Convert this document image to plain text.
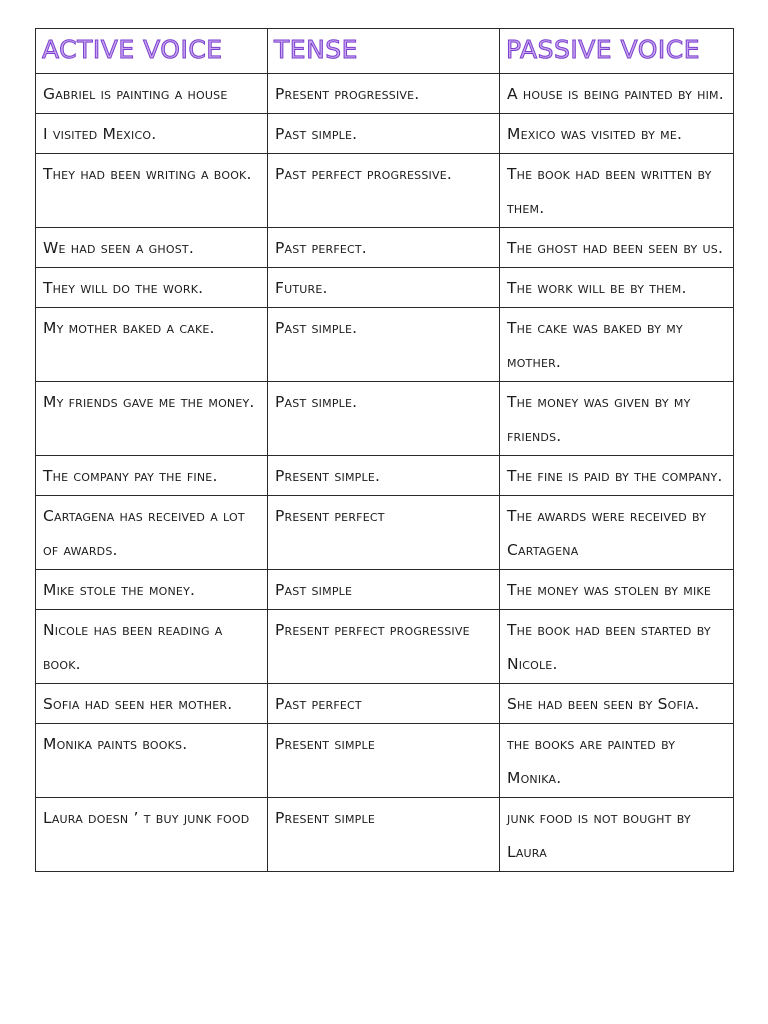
ACTIVE VOICE	TENSE	PASSIVE VOICE
Gabriel is painting a house	Present progressive.	A house is being painted by him.
I visited Mexico.	Past simple.	Mexico was visited by me.
They had been writing a book.	Past perfect progressive.	The book had been written by them.
We had seen a ghost.	Past perfect.	The ghost had been seen by us.
They will do the work.	Future.	The work will be by them.
My mother baked a cake.	Past simple.	The cake was baked by my mother.
My friends gave me the money.	Past simple.	The money was given by my friends.
The company pay the fine.	Present simple.	The fine is paid by the company.
Cartagena has received a lot of awards.	Present perfect	The awards were received by Cartagena
Mike stole the money.	Past simple	The money was stolen by mike
Nicole has been reading a book.	Present perfect progressive	The book had been started by Nicole.
Sofia had seen her mother.	Past perfect	She had been seen by Sofia.
Monika paints books.	Present simple	the books are painted by Monika.
Laura doesn ’ t buy junk food	Present simple	junk food is not bought by Laura
